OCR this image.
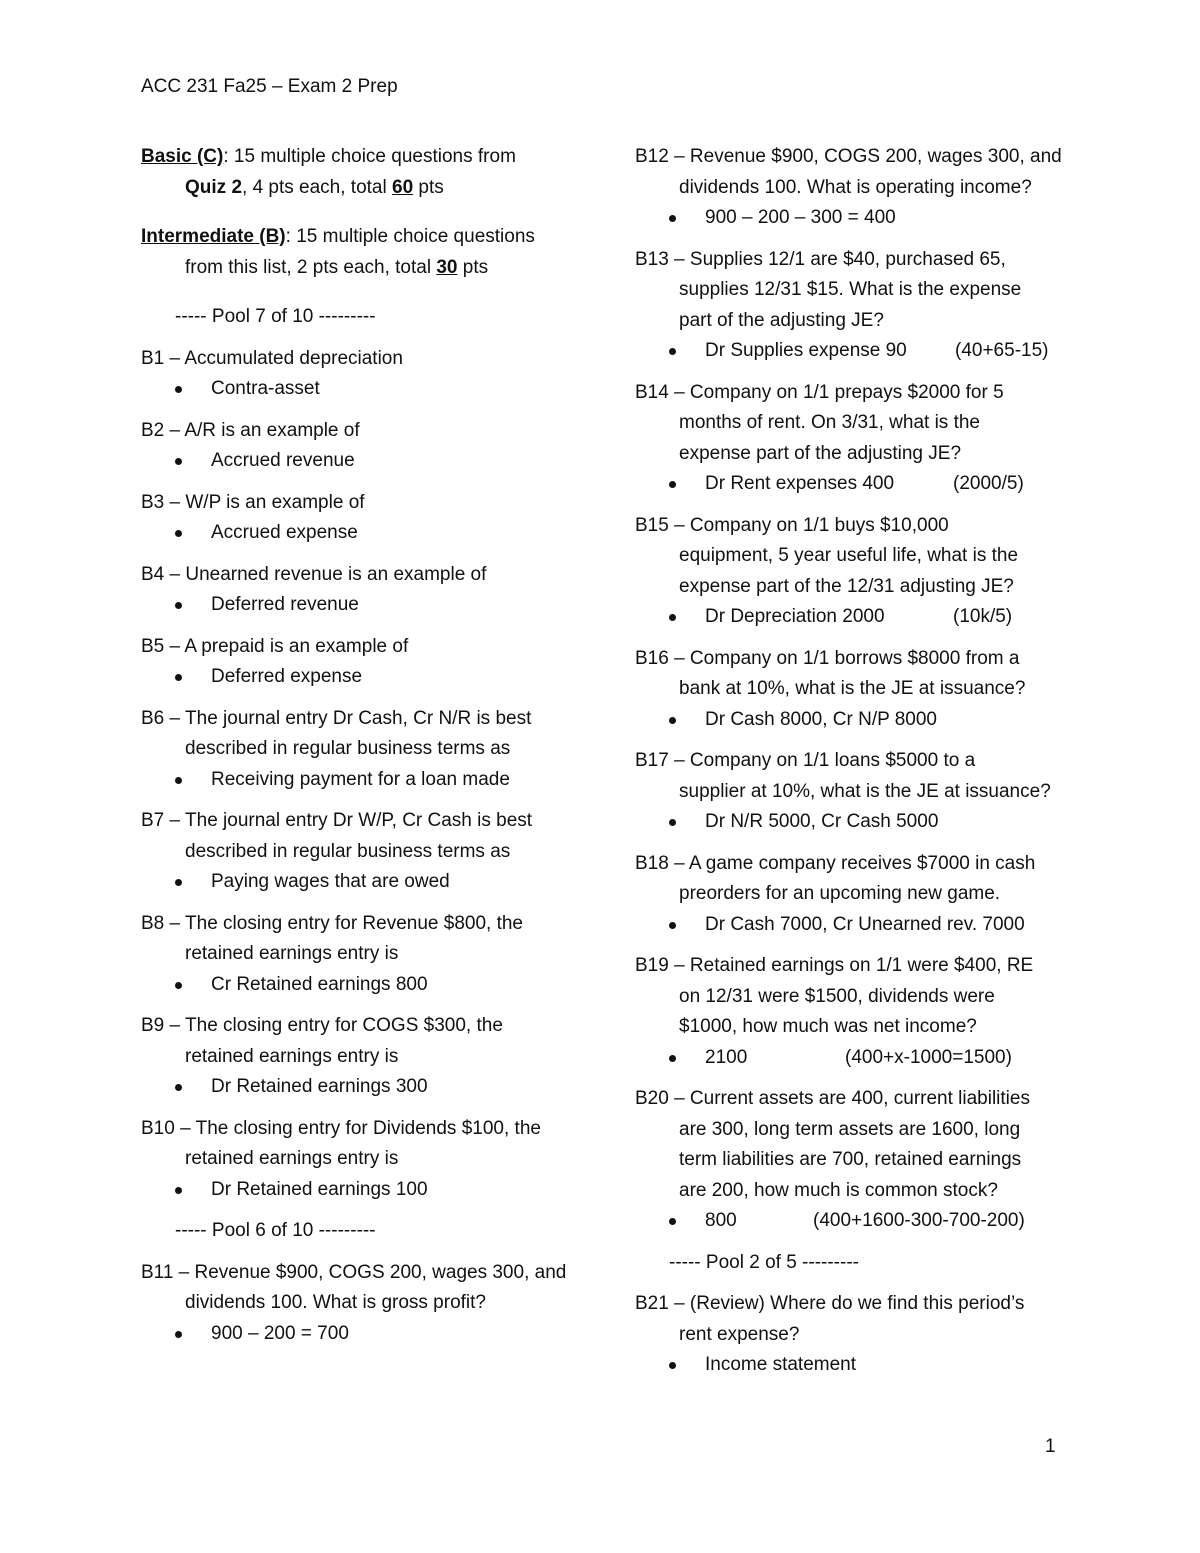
ACC 231 Fa25 – Exam 2 Prep
Basic (C): 15 multiple choice questions from
Quiz 2, 4 pts each, total 60 pts
Intermediate (B): 15 multiple choice questions
from this list, 2 pts each, total 30 pts
----- Pool 7 of 10 ---------
B1 – Accumulated depreciation
Contra-asset
B2 – A/R is an example of
Accrued revenue
B3 – W/P is an example of
Accrued expense
B4 – Unearned revenue is an example of
Deferred revenue
B5 – A prepaid is an example of
Deferred expense
B6 – The journal entry Dr Cash, Cr N/R is best
described in regular business terms as
Receiving payment for a loan made
B7 – The journal entry Dr W/P, Cr Cash is best
described in regular business terms as
Paying wages that are owed
B8 – The closing entry for Revenue $800, the
retained earnings entry is
Cr Retained earnings 800
B9 – The closing entry for COGS $300, the
retained earnings entry is
Dr Retained earnings 300
B10 – The closing entry for Dividends $100, the
retained earnings entry is
Dr Retained earnings 100
----- Pool 6 of 10 ---------
B11 – Revenue $900, COGS 200, wages 300, and
dividends 100. What is gross profit?
900 – 200 = 700
B12 – Revenue $900, COGS 200, wages 300, and
dividends 100. What is operating income?
900 – 200 – 300 = 400
B13 – Supplies 12/1 are $40, purchased 65,
supplies 12/31 $15. What is the expense
part of the adjusting JE?
Dr Supplies expense 90	(40+65-15)
B14 – Company on 1/1 prepays $2000 for 5
months of rent. On 3/31, what is the
expense part of the adjusting JE?
Dr Rent expenses 400	(2000/5)
B15 – Company on 1/1 buys $10,000
equipment, 5 year useful life, what is the
expense part of the 12/31 adjusting JE?
Dr Depreciation 2000	(10k/5)
B16 – Company on 1/1 borrows $8000 from a
bank at 10%, what is the JE at issuance?
Dr Cash 8000, Cr N/P 8000
B17 – Company on 1/1 loans $5000 to a
supplier at 10%, what is the JE at issuance?
Dr N/R 5000, Cr Cash 5000
B18 – A game company receives $7000 in cash
preorders for an upcoming new game.
Dr Cash 7000, Cr Unearned rev. 7000
B19 – Retained earnings on 1/1 were $400, RE
on 12/31 were $1500, dividends were
$1000, how much was net income?
2100	(400+x-1000=1500)
B20 – Current assets are 400, current liabilities
are 300, long term assets are 1600, long
term liabilities are 700, retained earnings
are 200, how much is common stock?
800	(400+1600-300-700-200)
----- Pool 2 of 5 ---------
B21 – (Review) Where do we find this period’s
rent expense?
Income statement
1
